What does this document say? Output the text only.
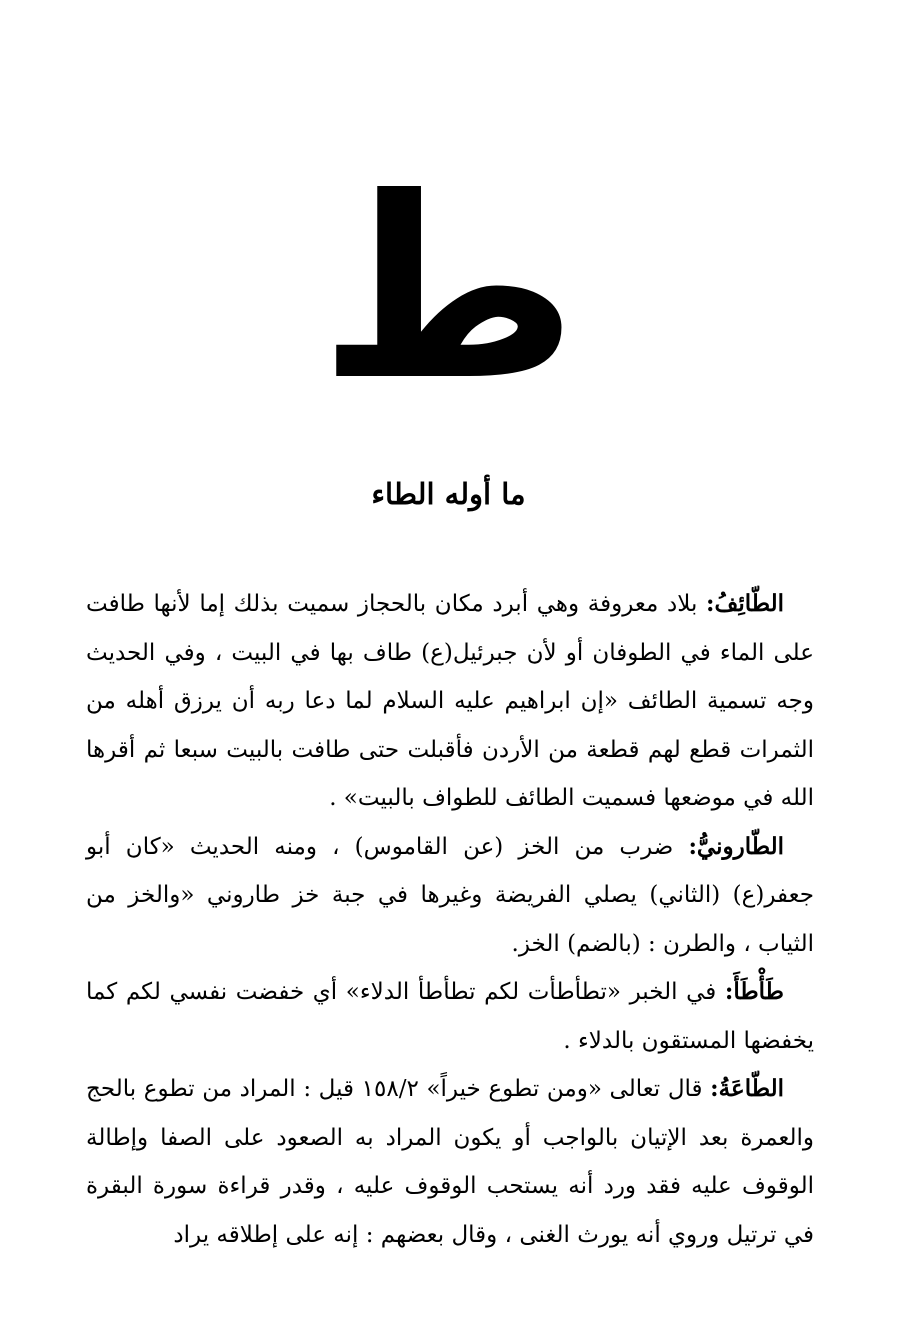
ط
ما أوله الطاء

الطّائِفُ: بلاد معروفة وهي أبرد مكان بالحجاز سميت بذلك إما لأنها طافت على الماء في الطوفان أو لأن جبرئيل(ع) طاف بها في البيت ، وفي الحديث وجه تسمية الطائف «إن ابراهيم عليه السلام لما دعا ربه أن يرزق أهله من الثمرات قطع لهم قطعة من الأردن فأقبلت حتى طافت بالبيت سبعا ثم أقرها الله في موضعها فسميت الطائف للطواف بالبيت» .

الطّارونيُّ: ضرب من الخز (عن القاموس) ، ومنه الحديث «كان أبو جعفر(ع) (الثاني) يصلي الفريضة وغيرها في جبة خز طاروني «والخز من الثياب ، والطرن : (بالضم) الخز.

طَأْطَأَ: في الخبر «تطأطأت لكم تطأطأ الدلاء» أي خفضت نفسي لكم كما يخفضها المستقون بالدلاء .

الطّاعَةُ: قال تعالى «ومن تطوع خيراً» ١٥٨/٢ قيل : المراد من تطوع بالحج والعمرة بعد الإتيان بالواجب أو يكون المراد به الصعود على الصفا وإطالة الوقوف عليه فقد ورد أنه يستحب الوقوف عليه ، وقدر قراءة سورة البقرة في ترتيل وروي أنه يورث الغنى ، وقال بعضهم : إنه على إطلاقه يراد
